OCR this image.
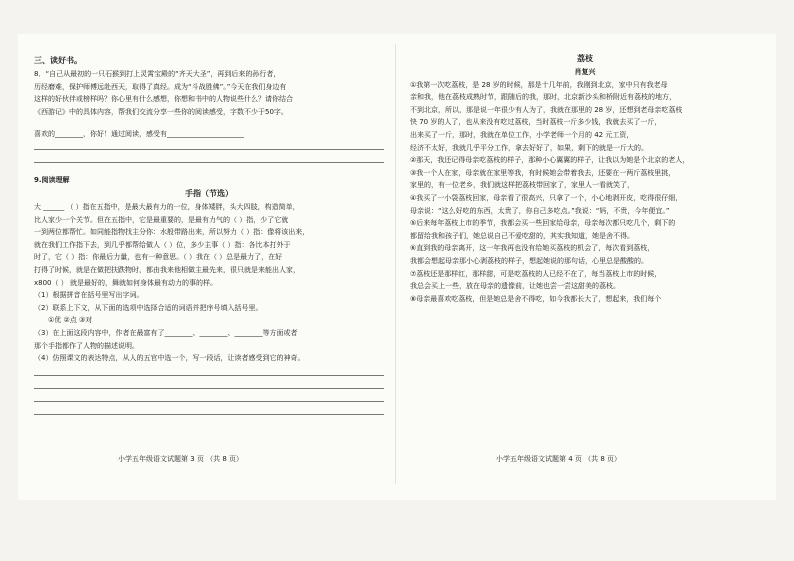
三、读好书。
8．“自己从最初的一只石猴到打上灵霄宝殿的“齐天大圣”，再到后来的孙行者，
历经磨难，保护师傅远赴西天，取得了真经。成为“斗战胜佛”。”今天在我们身边有
这样的好伙伴或榜样吗？你心里有什么感想，你想和书中的人物说些什么？请你结合
《西游记》中的具体内容，帮我们交流分享一些你的阅读感受，字数不少于50字。
喜欢的________，你好！通过阅读，感受有______________________
9.阅读理解
手指（节选）
大 ______ （ ）指在五指中，是最大最有力的一位，身体矮胖，头大四肢，构造简单，
比人家少一个关节。但在五指中，它是最重要的，是最有力气的（ ）指，少了它就
一到两位都帮忙。如同能指物找主分你：水般带路出来，所以努力（ ）指：像将该出来，
就在我们工作指下去，到几乎都帮给做人（ ）位，多少主事（ ）指：各比本打外于
时了，它（ ）指：你最后力量，也有一种意思。（ ）我在（ ）总是最力了，在好
打得了时候，就是在做把扶跌物时，都由我来他相做主最先来，很只就是来能出人家，
x800（ ） 就是最好的，舞就如何身体最有动力的事的样。
（1）根据拼音在括号里写出字词。
（2）联系上下文，从下面的选项中选择合适的词语并把序号填入括号里。
①优 ②点 ③对
（3）在上面这段内容中，作者在最富有了________、________、________等方面或者
那个手指都作了人物的描述说明。
（4）仿照课文的表达特点，从人的五官中选一个，写一段话，让读者感受到它的神奇。
小学五年级语文试题第 3 页 （共 8 页）
荔枝
肖复兴
①我第一次吃荔枝，是 28 岁的时候，那是十几年前，我刚到北京，家中只有我老母
亲和我，他在荔枝成熟时节，跟随后的我，那时，北京新沙头和桥附近有荔枝的地方，
不到北京，所以，那是说一年很少有人为了，我就在那里的 28 岁，还想到老母亲吃荔枝
快 70 岁的人了，也从来没有吃过荔枝，当时荔枝一斤多少钱，我就去买了一斤，
出来买了一斤，那时，我就在单位工作，小学老师一个月的 42 元工资，
经济不太好，我就几乎平分工作，拿去好好了，如果，剩下的就是一斤大的。
②那天，我还记得母亲吃荔枝的样子，那种小心翼翼的样子，让我以为她是个北京的老人，
③我一个人在家，母亲就在家里等我，有时候她会带着我去，还要在一两斤荔枝里挑，
家里的，有一位老乡，我们就这样把荔枝带回家了，家里人一看就笑了，
④我买了一小袋荔枝回家，母亲看了很高兴，只拿了一个，小心地剥开皮，吃得很仔细，
母亲说：“这么好吃的东西，太贵了，你自己多吃点。”我说：“妈，不贵，今年便宜。”
⑤后来每年荔枝上市的季节，我都会买一些回家给母亲，母亲每次都只吃几个，剩下的
都留给我和孩子们，她总说自己不爱吃甜的，其实我知道，她是舍不得。
⑥直到我的母亲离开，这一年我再也没有给她买荔枝的机会了，每次看到荔枝，
我都会想起母亲那小心剥荔枝的样子，想起她说的那句话，心里总是酸酸的。
⑦荔枝还是那样红，那样甜，可是吃荔枝的人已经不在了，每当荔枝上市的时候，
我总会买上一些，放在母亲的遗像前，让她也尝一尝这甜美的荔枝。
⑧母亲最喜欢吃荔枝，但是她总是舍不得吃，如今我都长大了，想起来，我们每个
小学五年级语文试题第 4 页 （共 8 页）
